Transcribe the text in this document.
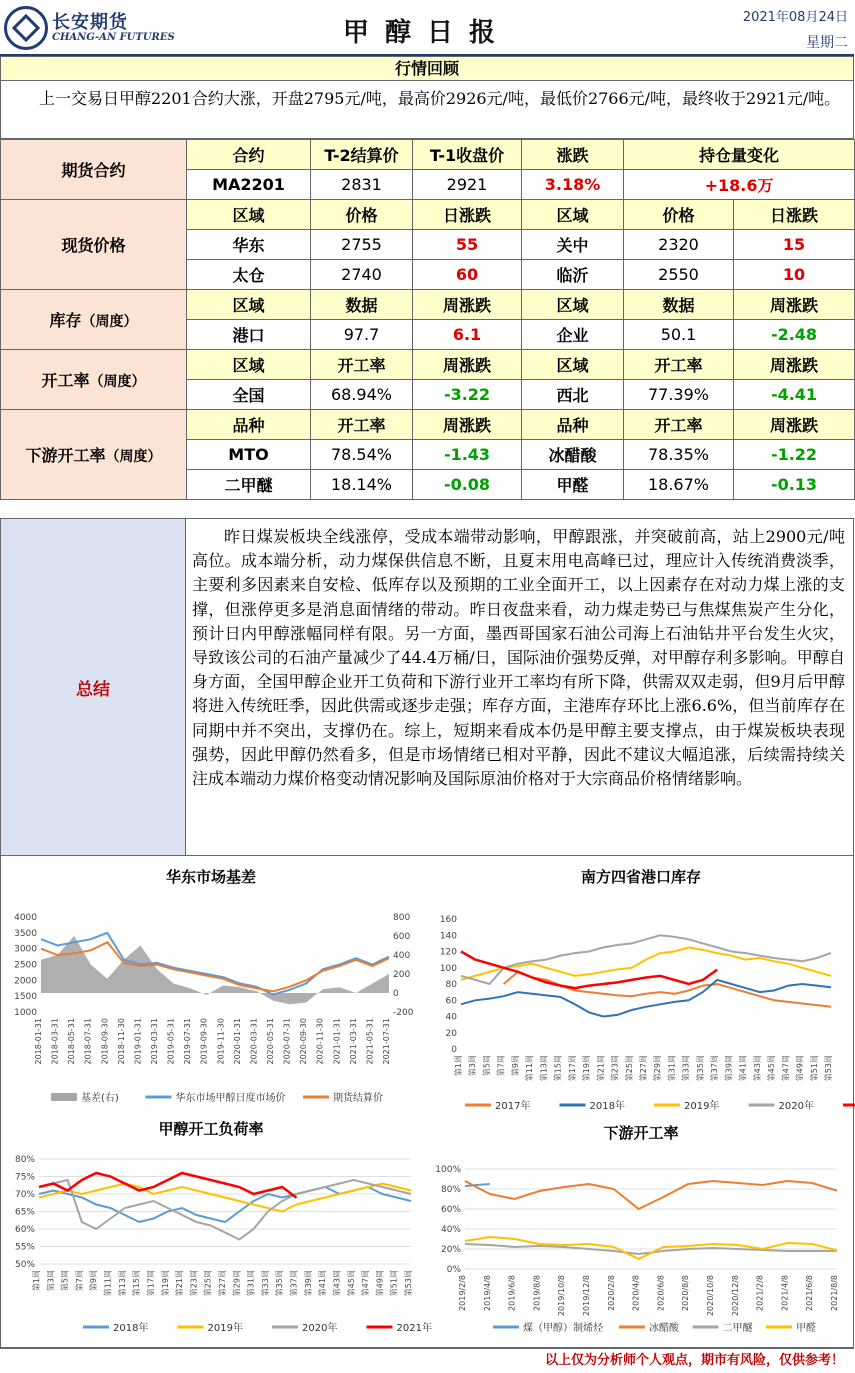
长安期货
CHANG-AN FUTURES	甲醇日报
2021年08月24日
星期二
行情回顾
上一交易日甲醇2201合约大涨，开盘2795元/吨，最高价2926元/吨，最低价2766元/吨，最终收于2921元/吨。
期货合约	合约	T-2结算价	T-1收盘价	涨跌	持仓量变化	
	MA2201	2831	2921	3.18%	+18.6万	
现货价格	区域	价格	日涨跌	区域	价格	日涨跌
	华东	2755	55	关中	2320	15
	太仓	2740	60	临沂	2550	10
库存（周度）	区域	数据	周涨跌	区域	数据	周涨跌
	港口	97.7	6.1	企业	50.1	-2.48
开工率（周度）	区域	开工率	周涨跌	区域	开工率	周涨跌
	全国	68.94%	-3.22	西北	77.39%	-4.41
下游开工率（周度）	品种	开工率	周涨跌	品种	开工率	周涨跌
	MTO	78.54%	-1.43	冰醋酸	78.35%	-1.22
	二甲醚	18.14%	-0.08	甲醛	18.67%	-0.13
总结
昨日煤炭板块全线涨停，受成本端带动影响，甲醇跟涨，并突破前高，站上2900元/吨高位。成本端分析，动力煤保供信息不断，且夏末用电高峰已过，理应计入传统消费淡季，主要利多因素来自安检、低库存以及预期的工业全面开工，以上因素存在对动力煤上涨的支撑，但涨停更多是消息面情绪的带动。昨日夜盘来看，动力煤走势已与焦煤焦炭产生分化，预计日内甲醇涨幅同样有限。另一方面，墨西哥国家石油公司海上石油钻井平台发生火灾，导致该公司的石油产量减少了44.4万桶/日，国际油价强势反弹，对甲醇存利多影响。甲醇自身方面，全国甲醇企业开工负荷和下游行业开工率均有所下降，供需双双走弱，但9月后甲醇将进入传统旺季，因此供需或逐步走强；库存方面，主港库存环比上涨6.6%，但当前库存在同期中并不突出，支撑仍在。综上，短期来看成本仍是甲醇主要支撑点，由于煤炭板块表现强势，因此甲醇仍然看多，但是市场情绪已相对平静，因此不建议大幅追涨，后续需持续关注成本端动力煤价格变动情况影响及国际原油价格对于大宗商品价格情绪影响。
华东市场基差
4000
3500
3000
2500
2000
1500
1000
800
600
400
200
0
-200
2018-01-31 2018-03-31 2018-05-31 2018-07-31 2018-09-30 2018-11-30 2019-01-31 2019-03-31 2019-05-31 2019-07-31 2019-09-30 2019-11-30 2020-01-31 2020-03-31 2020-05-31 2020-07-31 2020-09-30 2020-11-30 2021-01-31 2021-03-31 2021-05-31 2021-07-31
基差(右)	华东市场甲醇日度市场价	期货结算价
南方四省港口库存
160
140
120
100
80
60
40
20
0
第1周 第3周 第5周 第7周 第9周 第11周 第13周 第15周 第17周 第19周 第21周 第23周 第25周 第27周 第29周 第31周 第33周 第35周 第37周 第39周 第41周 第43周 第45周 第47周 第49周 第51周 第53周
2017年	2018年	2019年	2020年
甲醇开工负荷率
80%
75%
70%
65%
60%
55%
50%
第1周 第3周 第5周 第7周 第9周 第11周 第13周 第15周 第17周 第19周 第21周 第23周 第25周 第27周 第29周 第31周 第33周 第35周 第37周 第39周 第41周 第43周 第45周 第47周 第49周 第51周 第53周
2018年	2019年	2020年	2021年
下游开工率
100%
80%
60%
40%
20%
0%
2019/2/8 2019/4/8 2019/6/8 2019/8/8 2019/10/8 2019/12/8 2020/2/8 2020/4/8 2020/6/8 2020/8/8 2020/10/8 2020/12/8 2021/2/8 2021/4/8 2021/6/8 2021/8/8
煤（甲醇）制烯烃	冰醋酸	二甲醚	甲醛
以上仅为分析师个人观点，期市有风险，仅供参考！
